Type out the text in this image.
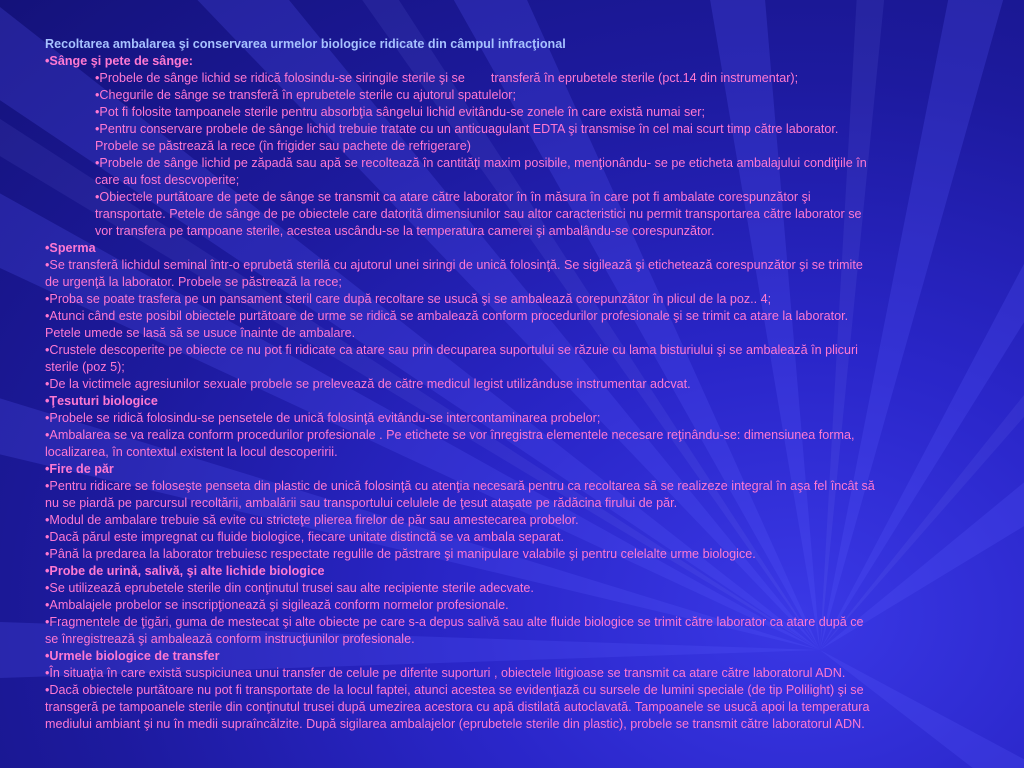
Recoltarea ambalarea şi conservarea urmelor biologice ridicate din câmpul infracţional
• Sânge şi pete de sânge:
• Probele de sânge lichid se ridică folosindu-se siringile sterile şi se transferă în eprubetele sterile (pct.14 din instrumentar);
• Chegurile de sânge se transferă în eprubetele sterile cu ajutorul spatulelor;
• Pot fi folosite tampoanele sterile pentru absorbţia sângelui lichid evitându-se zonele în care există numai ser;
• Pentru conservare probele de sânge lichid trebuie tratate cu un anticuagulant EDTA şi transmise în cel mai scurt timp către laborator.
Probele se păstrează la rece (în frigider sau pachete de refrigerare)
• Probele de sânge lichid pe zăpadă sau apă se recoltează în cantităţi maxim posibile, menţionându- se pe eticheta ambalajului condiţiile în
care au fost descvoperite;
• Obiectele purtătoare de pete de sânge se transmit ca atare către laborator în în măsura în care pot fi ambalate corespunzător şi
transportate. Petele de sânge de pe obiectele care datorită dimensiunilor sau altor caracteristici nu permit transportarea către laborator se
vor transfera pe tampoane sterile, acestea uscându-se la temperatura camerei şi ambalându-se corespunzător.
• Sperma
• Se transferă lichidul seminal într-o eprubetă sterilă cu ajutorul unei siringi de unică folosinţă. Se sigilează şi etichetează corespunzător şi se trimite
de urgenţă la laborator. Probele se păstrează la rece;
• Proba se poate trasfera pe un pansament steril care după recoltare se usucă şi se ambalează corepunzător în plicul de la poz.. 4;
• Atunci când este posibil obiectele purtătoare de urme se ridică se ambalează conform procedurilor profesionale şi se trimit ca atare la laborator.
Petele umede se lasă să se usuce înainte de ambalare.
• Crustele descoperite pe obiecte ce nu pot fi ridicate ca atare sau prin decuparea suportului se răzuie cu lama bisturiului şi se ambalează în plicuri
sterile (poz 5);
• De la victimele agresiunilor sexuale probele se prelevează de către medicul legist utilizânduse instrumentar adcvat.
• Ţesuturi biologice
• Probele se ridică folosindu-se pensetele de unică folosinţă evitându-se intercontaminarea probelor;
• Ambalarea se va realiza conform procedurilor profesionale . Pe etichete se vor înregistra elementele necesare reţinându-se: dimensiunea forma,
localizarea, în contextul existent la locul descoperirii.
• Fire de păr
• Pentru ridicare se foloseşte penseta din plastic de unică folosinţă cu atenţia necesară pentru ca recoltarea să se realizeze integral în aşa fel încât să
nu se piardă pe parcursul recoltării, ambalării sau transportului celulele de ţesut ataşate pe rădăcina firului de păr.
• Modul de ambalare trebuie să evite cu stricteţe plierea firelor de păr sau amestecarea probelor.
• Dacă părul este impregnat cu fluide biologice, fiecare unitate distinctă se va ambala separat.
• Până la predarea la laborator trebuiesc respectate regulile de păstrare şi manipulare valabile şi pentru celelalte urme biologice.
• Probe de urină, salivă, şi alte lichide biologice
• Se utilizează eprubetele sterile din conţinutul trusei sau alte recipiente sterile adecvate.
• Ambalajele probelor se inscripţionează şi sigilează conform normelor profesionale.
• Fragmentele de ţigări, guma de mestecat şi alte obiecte pe care s-a depus salivă sau alte fluide biologice se trimit către laborator ca atare după ce
se înregistrează şi ambalează conform instrucţiunilor profesionale.
• Urmele biologice de transfer
• În situaţia în care există suspiciunea unui transfer de celule pe diferite suporturi , obiectele litigioase se transmit ca atare către laboratorul ADN.
• Dacă obiectele purtătoare nu pot fi transportate de la locul faptei, atunci acestea se evidenţiază cu sursele de lumini speciale (de tip Polilight) şi se
transgeră pe tampoanele sterile din conţinutul trusei după umezirea acestora cu apă distilată autoclavată. Tampoanele se usucă apoi la temperatura
mediului ambiant şi nu în medii supraîncălzite. După sigilarea ambalajelor (eprubetele sterile din plastic), probele se transmit către laboratorul ADN.
